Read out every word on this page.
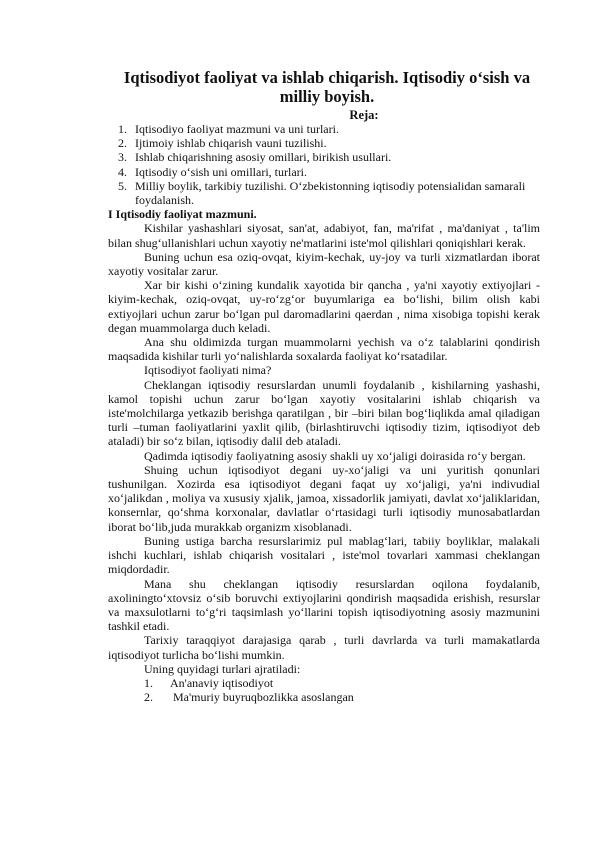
Iqtisodiyot faoliyat va ishlab chiqarish. Iqtisodiy o‘sish va milliy boyish.
Reja:
1. Iqtisodiyo faoliyat mazmuni va uni turlari.
2. Ijtimoiy ishlab chiqarish vauni tuzilishi.
3. Ishlab chiqarishning asosiy omillari, birikish usullari.
4. Iqtisodiy o‘sish uni omillari, turlari.
5. Milliy boylik, tarkibiy tuzilishi. O‘zbekistonning iqtisodiy potensialidan samarali foydalanish.
I Iqtisodiy faoliyat mazmuni.
Kishilar yashashlari siyosat, san'at, adabiyot, fan, ma'rifat , ma'daniyat , ta'lim bilan shug‘ullanishlari uchun xayotiy ne'matlarini iste'mol qilishlari qoniqishlari kerak.
Buning uchun esa oziq-ovqat, kiyim-kechak, uy-joy va turli xizmatlardan iborat xayotiy vositalar zarur.
Xar bir kishi o‘zining kundalik xayotida bir qancha , ya'ni xayotiy extiyojlari -kiyim-kechak, oziq-ovqat, uy-ro‘zg‘or buyumlariga ea bo‘lishi, bilim olish kabi extiyojlari uchun zarur bo‘lgan pul daromadlarini qaerdan , nima xisobiga topishi kerak degan muammolarga duch keladi.
Ana shu oldimizda turgan muammolarni yechish va o‘z talablarini qondirish maqsadida kishilar turli yo‘nalishlarda soxalarda faoliyat ko‘rsatadilar.
Iqtisodiyot faoliyati nima?
Cheklangan iqtisodiy resurslardan unumli foydalanib , kishilarning yashashi, kamol topishi uchun zarur bo‘lgan xayotiy vositalarini ishlab chiqarish va iste'molchilarga yetkazib berishga qaratilgan , bir –biri bilan bog‘liqlikda amal qiladigan turli –tuman faoliyatlarini yaxlit qilib, (birlashtiruvchi iqtisodiy tizim, iqtisodiyot deb ataladi) bir so‘z bilan, iqtisodiy dalil deb ataladi.
Qadimda iqtisodiy faoliyatning asosiy shakli uy xo‘jaligi doirasida ro‘y bergan.
Shuing uchun iqtisodiyot degani uy-xo‘jaligi va uni yuritish qonunlari tushunilgan. Xozirda esa iqtisodiyot degani faqat uy xo‘jaligi, ya'ni indivudial xo‘jalikdan , moliya va xususiy xjalik, jamoa, xissadorlik jamiyati, davlat xo‘jaliklaridan, konsernlar, qo‘shma korxonalar, davlatlar o‘rtasidagi turli iqtisodiy munosabatlardan iborat bo‘lib,juda murakkab organizm xisoblanadi.
Buning ustiga barcha resurslarimiz pul mablag‘lari, tabiiy boyliklar, malakali ishchi kuchlari, ishlab chiqarish vositalari , iste'mol tovarlari xammasi cheklangan miqdordadir.
Mana shu cheklangan iqtisodiy resurslardan oqilona foydalanib, axoliningto‘xtovsiz o‘sib boruvchi extiyojlarini qondirish maqsadida erishish, resurslar va maxsulotlarni to‘g‘ri taqsimlash yo‘llarini topish iqtisodiyotning asosiy mazmunini tashkil etadi.
Tarixiy taraqqiyot darajasiga qarab , turli davrlarda va turli mamakatlarda iqtisodiyot turlicha bo‘lishi mumkin.
Uning quyidagi turlari ajratiladi:
1. An'anaviy iqtisodiyot
2. Ma'muriy buyruqbozlikka asoslangan
